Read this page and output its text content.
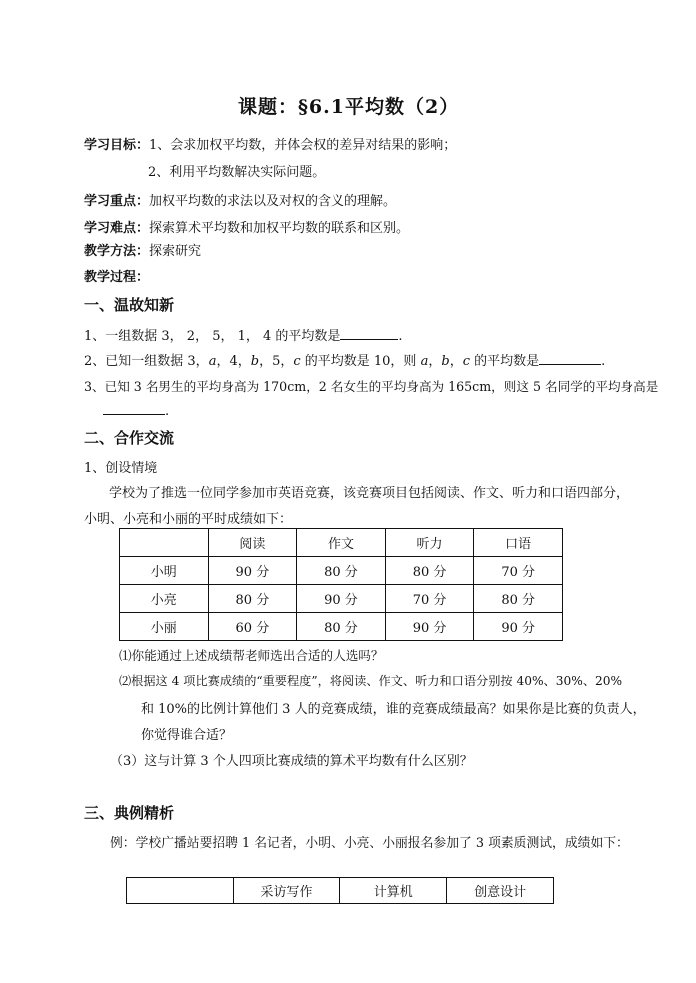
课题：§6.1平均数（2）
学习目标：1、会求加权平均数，并体会权的差异对结果的影响；
2、利用平均数解决实际问题。
学习重点：加权平均数的求法以及对权的含义的理解。
学习难点：探索算术平均数和加权平均数的联系和区别。
教学方法：探索研究
教学过程：
一、温故知新
1、一组数据 3， 2， 5， 1， 4 的平均数是	.
2、已知一组数据 3，a，4，b，5，c 的平均数是 10，则 a，b，c 的平均数是	.
3、已知 3 名男生的平均身高为 170cm，2 名女生的平均身高为 165cm，则这 5 名同学的平均身高是
.
二、合作交流
1、创设情境
学校为了推选一位同学参加市英语竞赛，该竞赛项目包括阅读、作文、听力和口语四部分，
小明、小亮和小丽的平时成绩如下：
	阅读	作文	听力	口语
小明	90 分	80 分	80 分	70 分
小亮	80 分	90 分	70 分	80 分
小丽	60 分	80 分	90 分	90 分
⑴你能通过上述成绩帮老师选出合适的人选吗？
⑵根据这 4 项比赛成绩的“重要程度”，将阅读、作文、听力和口语分别按 40%、30%、20%
和 10%的比例计算他们 3 人的竞赛成绩，谁的竞赛成绩最高？如果你是比赛的负责人，
你觉得谁合适？
（3）这与计算 3 个人四项比赛成绩的算术平均数有什么区别？
三、典例精析
例：学校广播站要招聘 1 名记者，小明、小亮、小丽报名参加了 3 项素质测试，成绩如下：
	采访写作	计算机	创意设计
